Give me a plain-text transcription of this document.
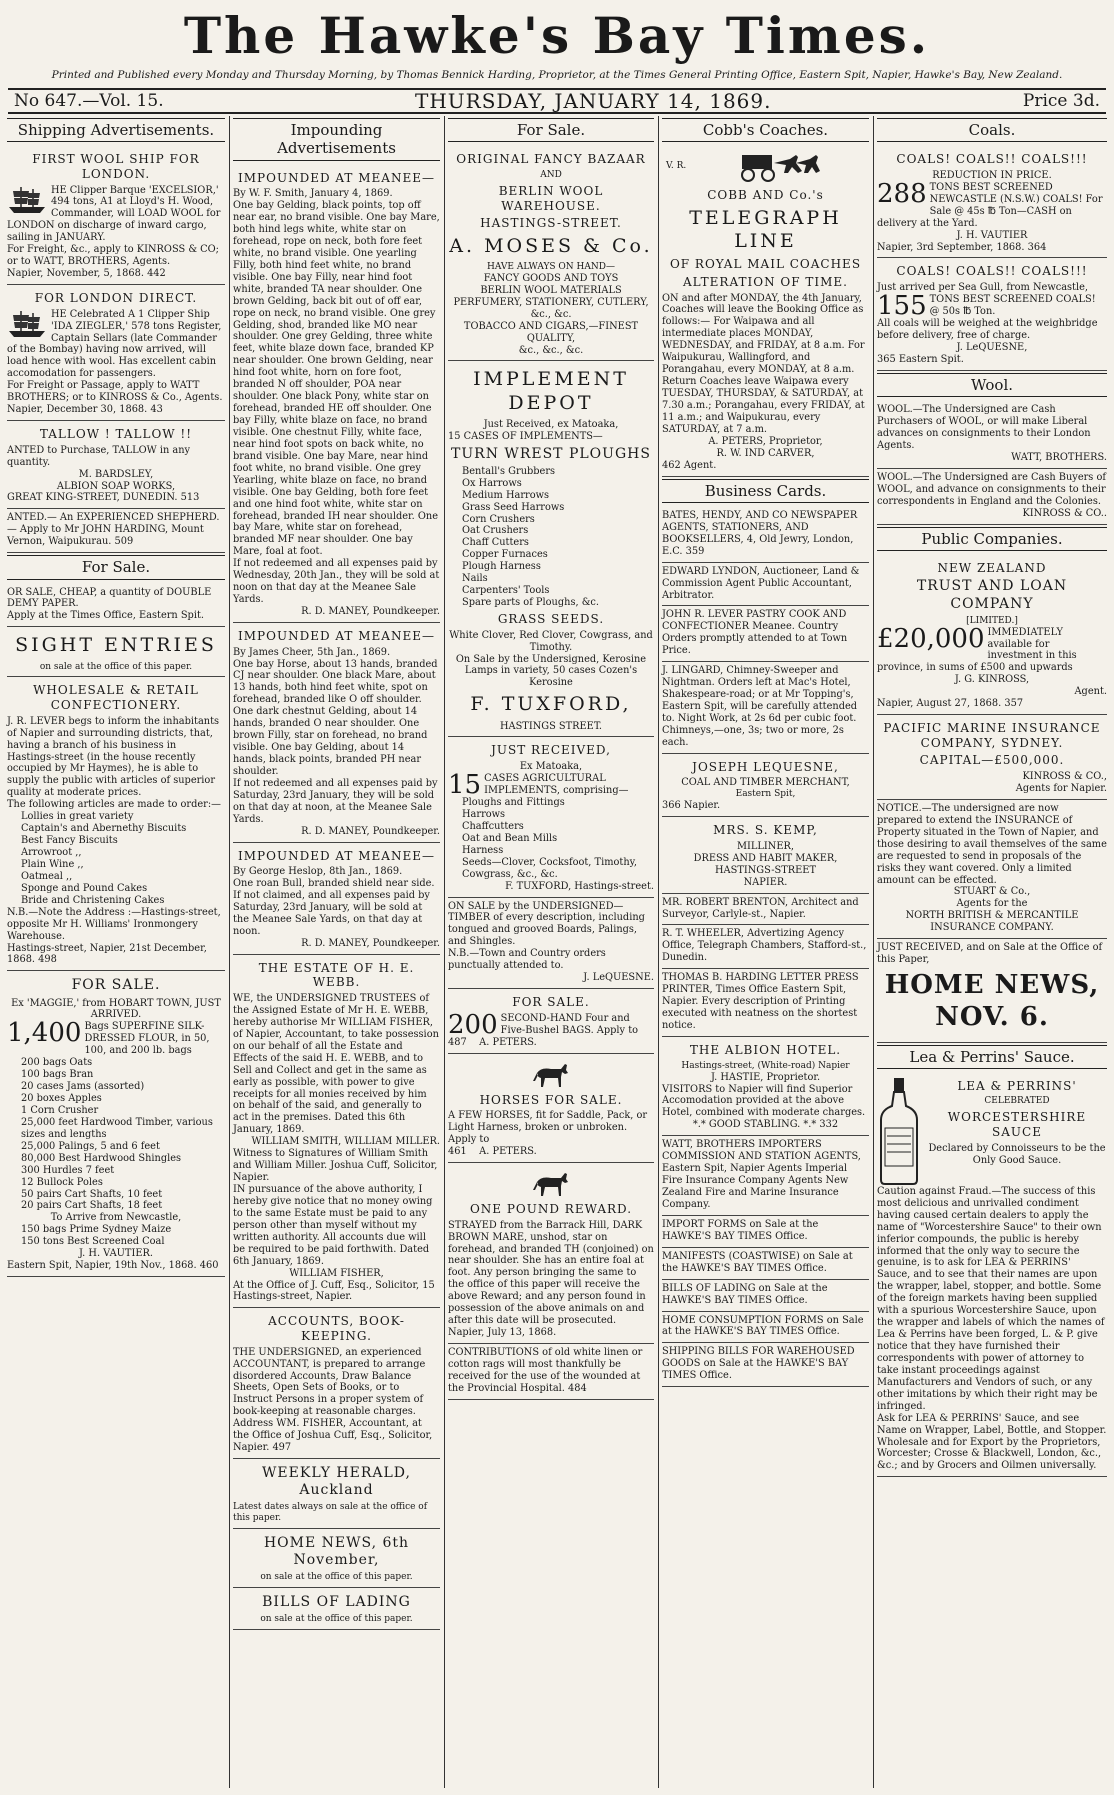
The Hawke's Bay Times.
Printed and Published every Monday and Thursday Morning, by Thomas Bennick Harding, Proprietor, at the Times General Printing Office, Eastern Spit, Napier, Hawke's Bay, New Zealand.
No 647.—Vol. 15.	THURSDAY, JANUARY 14, 1869.	Price 3d.
Shipping Advertisements.
FIRST WOOL SHIP FOR LONDON.

HE Clipper Barque 'EXCELSIOR,' 494 tons, A1 at Lloyd's H. Wood, Commander, will LOAD WOOL for LONDON on discharge of inward cargo, sailing in JANUARY.

For Freight, &c., apply to KINROSS & CO; or to WATT, BROTHERS, Agents.

Napier, November, 5, 1868. 442

FOR LONDON DIRECT.

HE Celebrated A 1 Clipper Ship 'IDA ZIEGLER,' 578 tons Register, Captain Sellars (late Commander of the Bombay) having now arrived, will load hence with wool. Has excellent cabin accomodation for passengers.

For Freight or Passage, apply to WATT BROTHERS; or to KINROSS & Co., Agents.

Napier, December 30, 1868. 43

TALLOW ! TALLOW !!

ANTED to Purchase, TALLOW in any quantity.

M. BARDSLEY,

ALBION SOAP WORKS,

GREAT KING-STREET, DUNEDIN. 513

ANTED.— An EXPERIENCED SHEPHERD. — Apply to Mr JOHN HARDING, Mount Vernon, Waipukurau. 509

For Sale.

OR SALE, CHEAP, a quantity of DOUBLE DEMY PAPER.

Apply at the Times Office, Eastern Spit.

SIGHT ENTRIES

on sale at the office of this paper.

WHOLESALE & RETAIL CONFECTIONERY.

J. R. LEVER begs to inform the inhabitants of Napier and surrounding districts, that, having a branch of his business in Hastings-street (in the house recently occupied by Mr Haymes), he is able to supply the public with articles of superior quality at moderate prices.

The following articles are made to order:—

Lollies in great variety
Captain's and Abernethy Biscuits
Best Fancy Biscuits
Arrowroot ,,
Plain Wine ,,
Oatmeal ,,
Sponge and Pound Cakes
Bride and Christening Cakes

N.B.—Note the Address :—Hastings-street, opposite Mr H. Williams' Ironmongery Warehouse.

Hastings-street, Napier, 21st December, 1868. 498

FOR SALE.

Ex 'MAGGIE,' from HOBART TOWN, JUST ARRIVED.

1,400 Bags SUPERFINE SILK-DRESSED FLOUR, in 50, 100, and 200 lb. bags

200 bags Oats
100 bags Bran
20 cases Jams (assorted)
20 boxes Apples
1 Corn Crusher
25,000 feet Hardwood Timber, various sizes and lengths
25,000 Palings, 5 and 6 feet
80,000 Best Hardwood Shingles
300 Hurdles 7 feet
12 Bullock Poles
50 pairs Cart Shafts, 10 feet
20 pairs Cart Shafts, 18 feet

To Arrive from Newcastle,

150 bags Prime Sydney Maize
150 tons Best Screened Coal

J. H. VAUTIER.

Eastern Spit, Napier, 19th Nov., 1868. 460

Impounding Advertisements
IMPOUNDED AT MEANEE—

By W. F. Smith, January 4, 1869.

One bay Gelding, black points, top off near ear, no brand visible. One bay Mare, both hind legs white, white star on forehead, rope on neck, both fore feet white, no brand visible. One yearling Filly, both hind feet white, no brand visible. One bay Filly, near hind foot white, branded TA near shoulder. One brown Gelding, back bit out of off ear, rope on neck, no brand visible. One grey Gelding, shod, branded like MO near shoulder. One grey Gelding, three white feet, white blaze down face, branded KP near shoulder. One brown Gelding, near hind foot white, horn on fore foot, branded N off shoulder, POA near shoulder. One black Pony, white star on forehead, branded HE off shoulder. One bay Filly, white blaze on face, no brand visible. One chestnut Filly, white face, near hind foot spots on back white, no brand visible. One bay Mare, near hind foot white, no brand visible. One grey Yearling, white blaze on face, no brand visible. One bay Gelding, both fore feet and one hind foot white, white star on forehead, branded IH near shoulder. One bay Mare, white star on forehead, branded MF near shoulder. One bay Mare, foal at foot.

If not redeemed and all expenses paid by Wednesday, 20th Jan., they will be sold at noon on that day at the Meanee Sale Yards.

R. D. MANEY, Poundkeeper.

IMPOUNDED AT MEANEE—

By James Cheer, 5th Jan., 1869.

One bay Horse, about 13 hands, branded CJ near shoulder. One black Mare, about 13 hands, both hind feet white, spot on forehead, branded like O off shoulder. One dark chestnut Gelding, about 14 hands, branded O near shoulder. One brown Filly, star on forehead, no brand visible. One bay Gelding, about 14 hands, black points, branded PH near shoulder.

If not redeemed and all expenses paid by Saturday, 23rd January, they will be sold on that day at noon, at the Meanee Sale Yards.

R. D. MANEY, Poundkeeper.

IMPOUNDED AT MEANEE—

By George Heslop, 8th Jan., 1869.

One roan Bull, branded shield near side. If not claimed, and all expenses paid by Saturday, 23rd January, will be sold at the Meanee Sale Yards, on that day at noon.

R. D. MANEY, Poundkeeper.

THE ESTATE OF H. E. WEBB.

WE, the UNDERSIGNED TRUSTEES of the Assigned Estate of Mr H. E. WEBB, hereby authorise Mr WILLIAM FISHER, of Napier, Accountant, to take possession on our behalf of all the Estate and Effects of the said H. E. WEBB, and to Sell and Collect and get in the same as early as possible, with power to give receipts for all monies received by him on behalf of the said, and generally to act in the premises. Dated this 6th January, 1869.

WILLIAM SMITH, WILLIAM MILLER.

Witness to Signatures of William Smith and William Miller. Joshua Cuff, Solicitor, Napier.

IN pursuance of the above authority, I hereby give notice that no money owing to the same Estate must be paid to any person other than myself without my written authority. All accounts due will be required to be paid forthwith. Dated 6th January, 1869.

WILLIAM FISHER,

At the Office of J. Cuff, Esq., Solicitor, 15 Hastings-street, Napier.

ACCOUNTS, BOOK-KEEPING.

THE UNDERSIGNED, an experienced ACCOUNTANT, is prepared to arrange disordered Accounts, Draw Balance Sheets, Open Sets of Books, or to Instruct Persons in a proper system of book-keeping at reasonable charges. Address WM. FISHER, Accountant, at the Office of Joshua Cuff, Esq., Solicitor, Napier. 497

WEEKLY HERALD, Auckland

Latest dates always on sale at the office of this paper.

HOME NEWS, 6th November,

on sale at the office of this paper.

BILLS OF LADING

on sale at the office of this paper.

For Sale.
ORIGINAL FANCY BAZAAR

AND

BERLIN WOOL WAREHOUSE.
HASTINGS-STREET.
A. MOSES & Co.

HAVE ALWAYS ON HAND—

FANCY GOODS AND TOYS

BERLIN WOOL MATERIALS

PERFUMERY, STATIONERY, CUTLERY, &c., &c.

TOBACCO AND CIGARS,—FINEST QUALITY,

&c., &c., &c.

IMPLEMENT DEPOT

Just Received, ex Matoaka,

15 CASES OF IMPLEMENTS—

TURN WREST PLOUGHS
Bentall's Grubbers
Ox Harrows
Medium Harrows
Grass Seed Harrows
Corn Crushers
Oat Crushers
Chaff Cutters
Copper Furnaces
Plough Harness
Nails
Carpenters' Tools
Spare parts of Ploughs, &c.
GRASS SEEDS.

White Clover, Red Clover, Cowgrass, and Timothy.

On Sale by the Undersigned, Kerosine Lamps in variety, 50 cases Cozen's Kerosine

F. TUXFORD,

HASTINGS STREET.

JUST RECEIVED,

Ex Matoaka,

15 CASES AGRICULTURAL IMPLEMENTS, comprising—

Ploughs and Fittings
Harrows
Chaffcutters
Oat and Bean Mills
Harness
Seeds—Clover, Cocksfoot, Timothy, Cowgrass, &c., &c.

F. TUXFORD, Hastings-street.

ON SALE by the UNDERSIGNED—TIMBER of every description, including tongued and grooved Boards, Palings, and Shingles.

N.B.—Town and Country orders punctually attended to.

J. LeQUESNE.

FOR SALE.

200 SECOND-HAND Four and Five-Bushel BAGS. Apply to

487 A. PETERS.

HORSES FOR SALE.

A FEW HORSES, fit for Saddle, Pack, or Light Harness, broken or unbroken. Apply to

461 A. PETERS.

ONE POUND REWARD.

STRAYED from the Barrack Hill, DARK BROWN MARE, unshod, star on forehead, and branded TH (conjoined) on near shoulder. She has an entire foal at foot. Any person bringing the same to the office of this paper will receive the above Reward; and any person found in possession of the above animals on and after this date will be prosecuted.

Napier, July 13, 1868.

CONTRIBUTIONS of old white linen or cotton rags will most thankfully be received for the use of the wounded at the Provincial Hospital. 484

Cobb's Coaches.
V. R.
COBB AND Co.'s
TELEGRAPH LINE
OF ROYAL MAIL COACHES
ALTERATION OF TIME.

ON and after MONDAY, the 4th January, Coaches will leave the Booking Office as follows:— For Waipawa and all intermediate places MONDAY, WEDNESDAY, and FRIDAY, at 8 a.m. For Waipukurau, Wallingford, and Porangahau, every MONDAY, at 8 a.m. Return Coaches leave Waipawa every TUESDAY, THURSDAY, & SATURDAY, at 7.30 a.m.; Porangahau, every FRIDAY, at 11 a.m.; and Waipukurau, every SATURDAY, at 7 a.m.

A. PETERS, Proprietor,

R. W. IND CARVER,

462 Agent.

Business Cards.

BATES, HENDY, AND CO NEWSPAPER AGENTS, STATIONERS, AND BOOKSELLERS, 4, Old Jewry, London, E.C. 359

EDWARD LYNDON, Auctioneer, Land & Commission Agent Public Accountant, Arbitrator.

JOHN R. LEVER PASTRY COOK AND CONFECTIONER Meanee. Country Orders promptly attended to at Town Price.

J. LINGARD, Chimney-Sweeper and Nightman. Orders left at Mac's Hotel, Shakespeare-road; or at Mr Topping's, Eastern Spit, will be carefully attended to. Night Work, at 2s 6d per cubic foot. Chimneys,—one, 3s; two or more, 2s each.

JOSEPH LEQUESNE,

COAL AND TIMBER MERCHANT,

Eastern Spit,

366 Napier.

MRS. S. KEMP,

MILLINER,

DRESS AND HABIT MAKER,

HASTINGS-STREET

NAPIER.

MR. ROBERT BRENTON, Architect and Surveyor, Carlyle-st., Napier.

R. T. WHEELER, Advertizing Agency Office, Telegraph Chambers, Stafford-st., Dunedin.

THOMAS B. HARDING LETTER PRESS PRINTER, Times Office Eastern Spit, Napier. Every description of Printing executed with neatness on the shortest notice.

THE ALBION HOTEL.

Hastings-street, (White-road) Napier

J. HASTIE, Proprietor.

VISITORS to Napier will find Superior Accomodation provided at the above Hotel, combined with moderate charges.

*.* GOOD STABLING. *.* 332

WATT, BROTHERS IMPORTERS COMMISSION AND STATION AGENTS, Eastern Spit, Napier Agents Imperial Fire Insurance Company Agents New Zealand Fire and Marine Insurance Company.

IMPORT FORMS on Sale at the HAWKE'S BAY TIMES Office.

MANIFESTS (COASTWISE) on Sale at the HAWKE'S BAY TIMES Office.

BILLS OF LADING on Sale at the HAWKE'S BAY TIMES Office.

HOME CONSUMPTION FORMS on Sale at the HAWKE'S BAY TIMES Office.

SHIPPING BILLS FOR WAREHOUSED GOODS on Sale at the HAWKE'S BAY TIMES Office.

Coals.
COALS! COALS!! COALS!!!

REDUCTION IN PRICE.

288 TONS BEST SCREENED NEWCASTLE (N.S.W.) COALS! For Sale @ 45s ℔ Ton—CASH on delivery at the Yard.

J. H. VAUTIER

Napier, 3rd September, 1868. 364

COALS! COALS!! COALS!!!

Just arrived per Sea Gull, from Newcastle,

155 TONS BEST SCREENED COALS! @ 50s ℔ Ton.

All coals will be weighed at the weighbridge before delivery, free of charge.

J. LeQUESNE,

365 Eastern Spit.

Wool.

WOOL.—The Undersigned are Cash Purchasers of WOOL, or will make Liberal advances on consignments to their London Agents.

WATT, BROTHERS.

WOOL.—The Undersigned are Cash Buyers of WOOL, and advance on consignments to their correspondents in England and the Colonies.

KINROSS & CO..

Public Companies.
NEW ZEALAND
TRUST AND LOAN COMPANY

[LIMITED.]

£20,000 IMMEDIATELY available for investment in this province, in sums of £500 and upwards

J. G. KINROSS,

Agent.

Napier, August 27, 1868. 357

PACIFIC MARINE INSURANCE COMPANY, SYDNEY.
CAPITAL—£500,000.

KINROSS & CO.,

Agents for Napier.

NOTICE.—The undersigned are now prepared to extend the INSURANCE of Property situated in the Town of Napier, and those desiring to avail themselves of the same are requested to send in proposals of the risks they want covered. Only a limited amount can be effected.

STUART & Co.,

Agents for the

NORTH BRITISH & MERCANTILE INSURANCE COMPANY.

JUST RECEIVED, and on Sale at the Office of this Paper,

HOME NEWS, NOV. 6.
Lea & Perrins' Sauce.
LEA & PERRINS'

CELEBRATED

WORCESTERSHIRE SAUCE

Declared by Connoisseurs to be the Only Good Sauce.

Caution against Fraud.—The success of this most delicious and unrivalled condiment having caused certain dealers to apply the name of "Worcestershire Sauce" to their own inferior compounds, the public is hereby informed that the only way to secure the genuine, is to ask for LEA & PERRINS' Sauce, and to see that their names are upon the wrapper, label, stopper, and bottle. Some of the foreign markets having been supplied with a spurious Worcestershire Sauce, upon the wrapper and labels of which the names of Lea & Perrins have been forged, L. & P. give notice that they have furnished their correspondents with power of attorney to take instant proceedings against Manufacturers and Vendors of such, or any other imitations by which their right may be infringed.

Ask for LEA & PERRINS' Sauce, and see Name on Wrapper, Label, Bottle, and Stopper.

Wholesale and for Export by the Proprietors, Worcester; Crosse & Blackwell, London, &c., &c.; and by Grocers and Oilmen universally.
